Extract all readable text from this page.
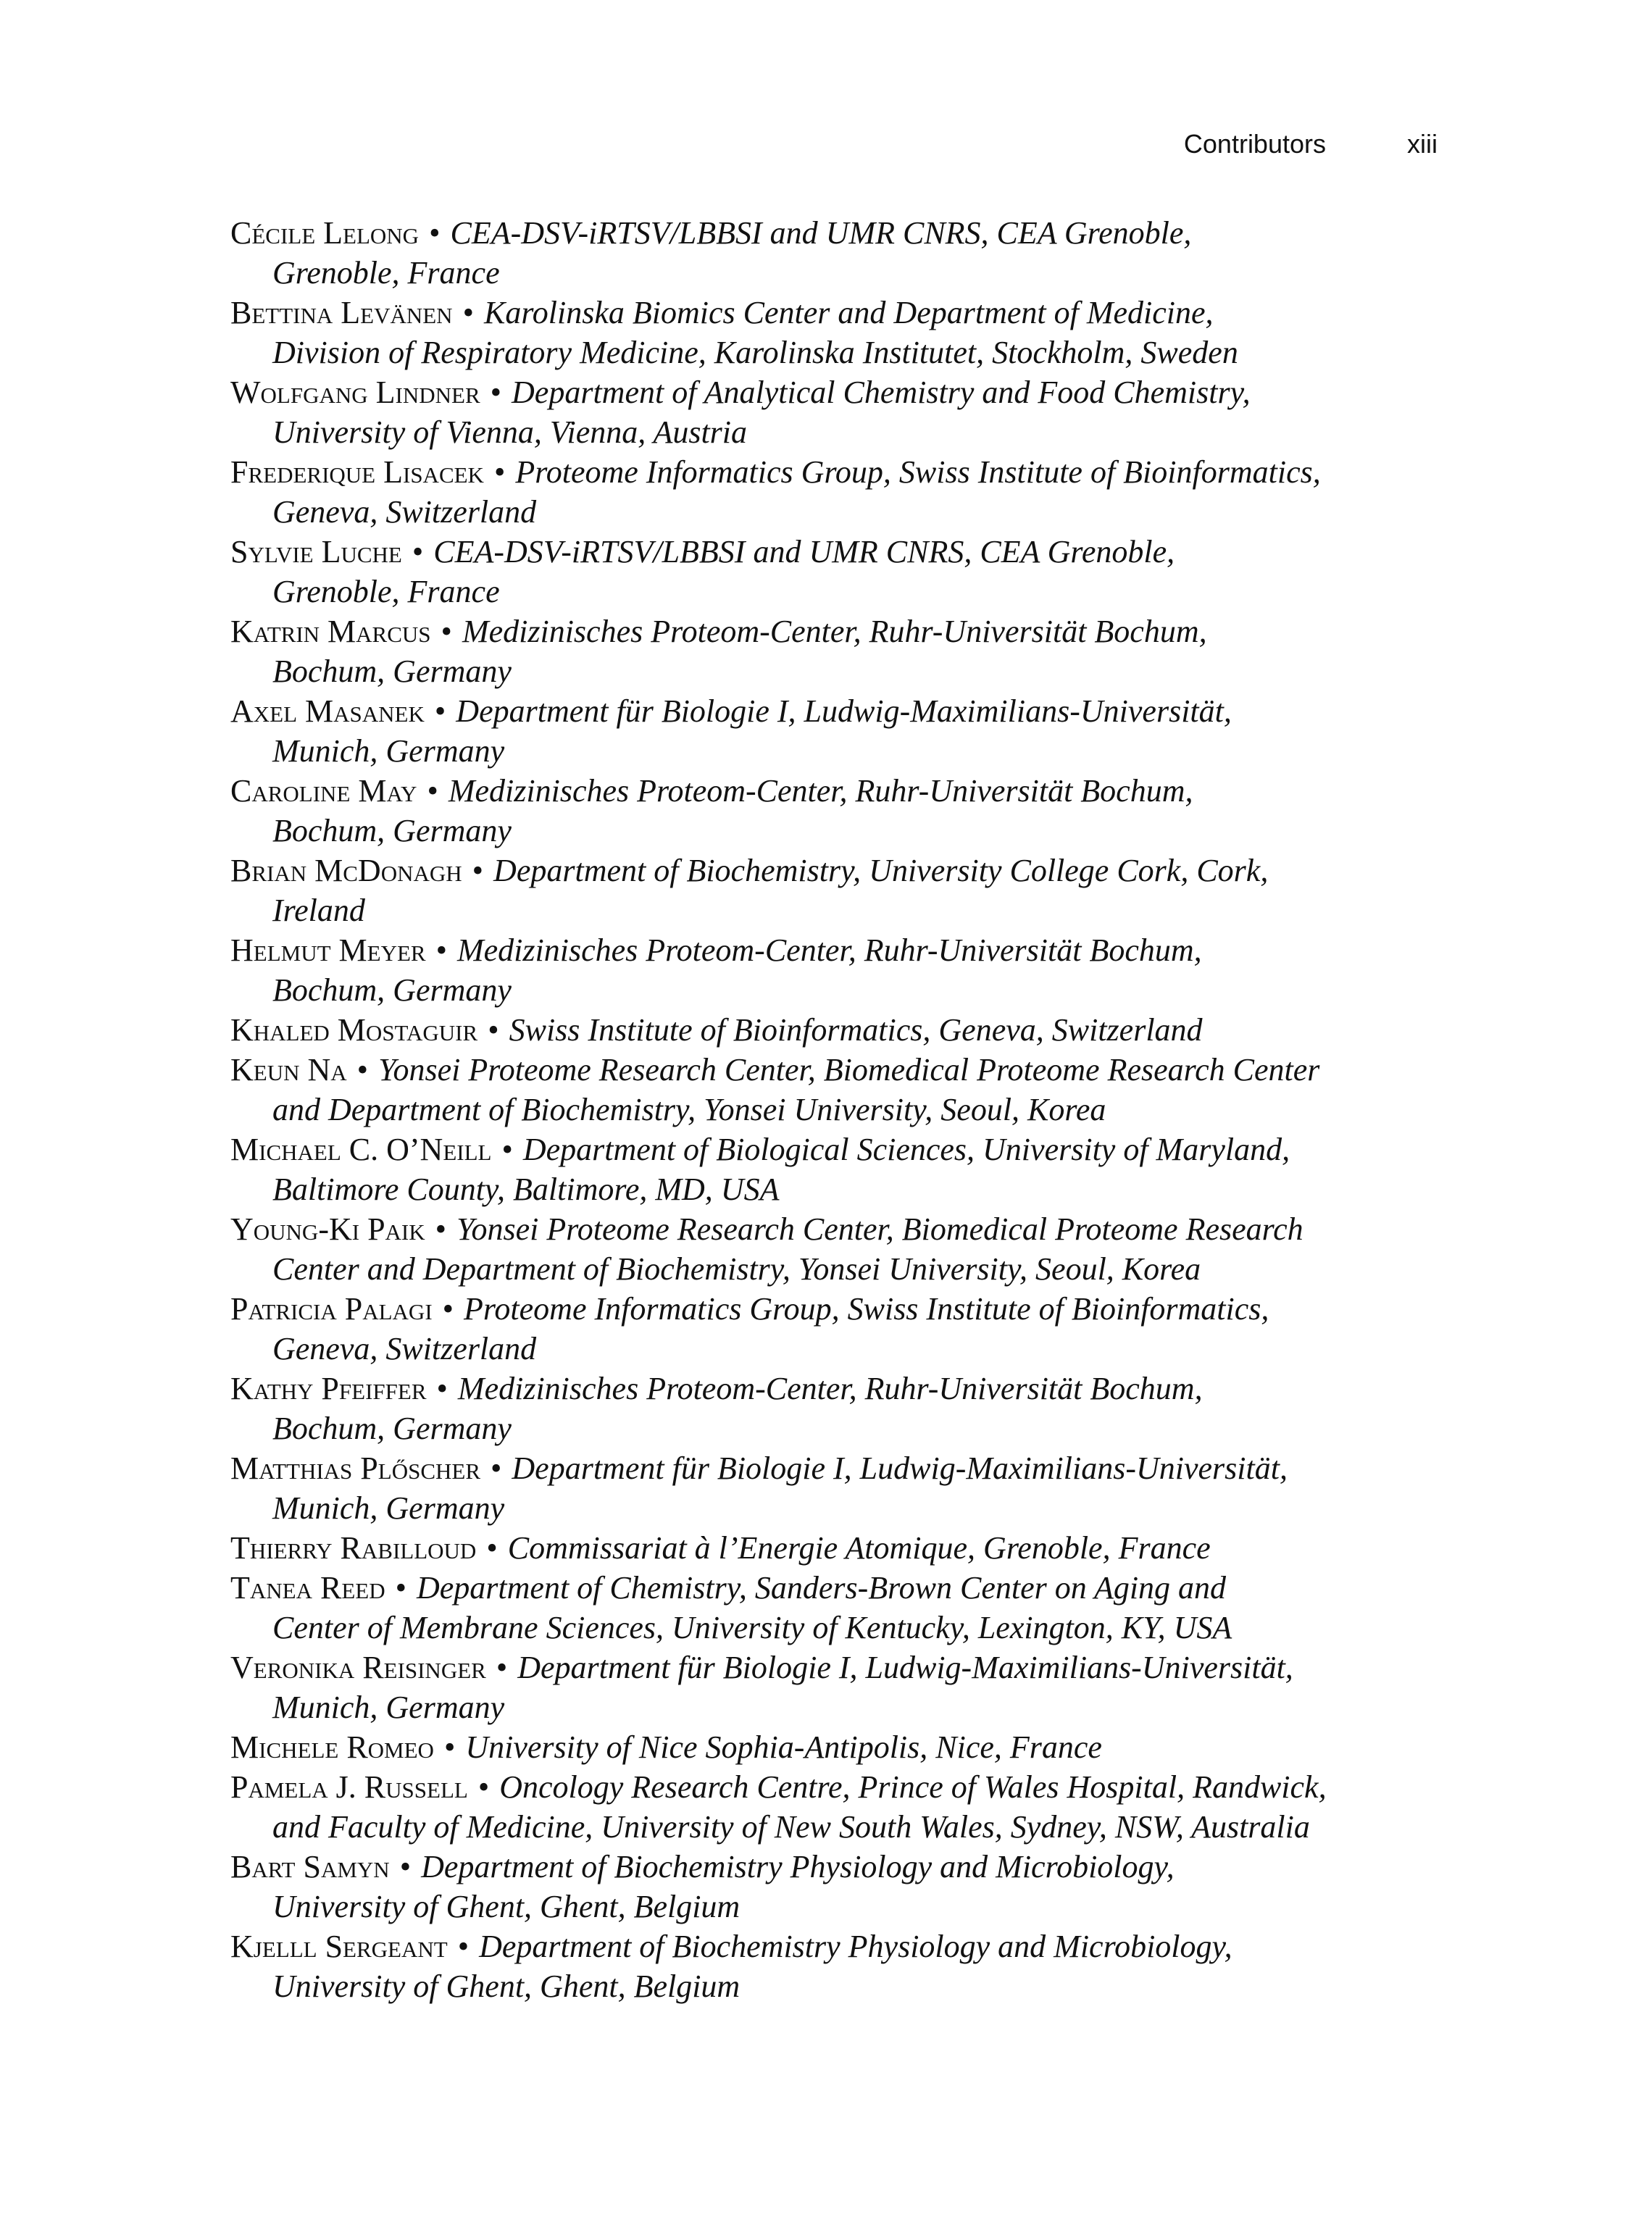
Contributors	xiii
Cécile Lelong • CEA-DSV-iRTSV/LBBSI and UMR CNRS, CEA Grenoble,
Grenoble, France
Bettina Levänen • Karolinska Biomics Center and Department of Medicine,
Division of Respiratory Medicine, Karolinska Institutet, Stockholm, Sweden
Wolfgang Lindner • Department of Analytical Chemistry and Food Chemistry,
University of Vienna, Vienna, Austria
Frederique Lisacek • Proteome Informatics Group, Swiss Institute of Bioinformatics,
Geneva, Switzerland
Sylvie Luche • CEA-DSV-iRTSV/LBBSI and UMR CNRS, CEA Grenoble,
Grenoble, France
Katrin Marcus • Medizinisches Proteom-Center, Ruhr-Universität Bochum,
Bochum, Germany
Axel Masanek • Department für Biologie I, Ludwig-Maximilians-Universität,
Munich, Germany
Caroline May • Medizinisches Proteom-Center, Ruhr-Universität Bochum,
Bochum, Germany
Brian McDonagh • Department of Biochemistry, University College Cork, Cork,
Ireland
Helmut Meyer • Medizinisches Proteom-Center, Ruhr-Universität Bochum,
Bochum, Germany
Khaled Mostaguir • Swiss Institute of Bioinformatics, Geneva, Switzerland
Keun Na • Yonsei Proteome Research Center, Biomedical Proteome Research Center
and Department of Biochemistry, Yonsei University, Seoul, Korea
Michael C. O’Neill • Department of Biological Sciences, University of Maryland,
Baltimore County, Baltimore, MD, USA
Young-Ki Paik • Yonsei Proteome Research Center, Biomedical Proteome Research
Center and Department of Biochemistry, Yonsei University, Seoul, Korea
Patricia Palagi • Proteome Informatics Group, Swiss Institute of Bioinformatics,
Geneva, Switzerland
Kathy Pfeiffer • Medizinisches Proteom-Center, Ruhr-Universität Bochum,
Bochum, Germany
Matthias Plőscher • Department für Biologie I, Ludwig-Maximilians-Universität,
Munich, Germany
Thierry Rabilloud • Commissariat à l’Energie Atomique, Grenoble, France
Tanea Reed • Department of Chemistry, Sanders-Brown Center on Aging and
Center of Membrane Sciences, University of Kentucky, Lexington, KY, USA
Veronika Reisinger • Department für Biologie I, Ludwig-Maximilians-Universität,
Munich, Germany
Michele Romeo • University of Nice Sophia-Antipolis, Nice, France
Pamela J. Russell • Oncology Research Centre, Prince of Wales Hospital, Randwick,
and Faculty of Medicine, University of New South Wales, Sydney, NSW, Australia
Bart Samyn • Department of Biochemistry Physiology and Microbiology,
University of Ghent, Ghent, Belgium
Kjelll Sergeant • Department of Biochemistry Physiology and Microbiology,
University of Ghent, Ghent, Belgium
